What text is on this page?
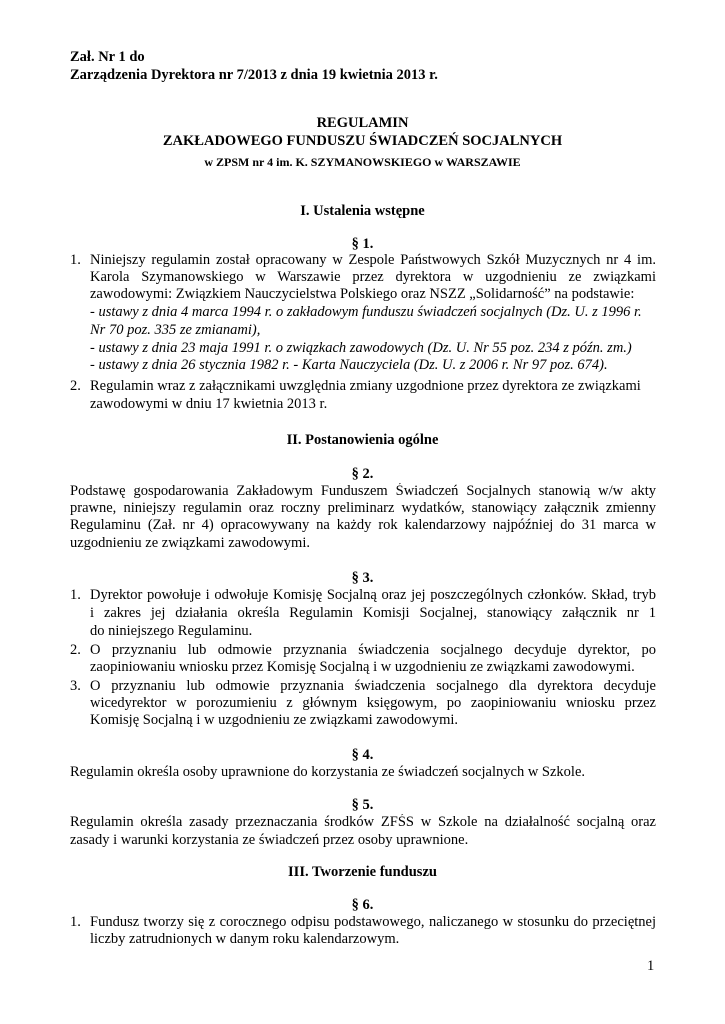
Zał. Nr 1 do
Zarządzenia Dyrektora nr 7/2013 z dnia 19 kwietnia 2013 r.
REGULAMIN
ZAKŁADOWEGO FUNDUSZU ŚWIADCZEŃ SOCJALNYCH
w ZPSM nr 4 im. K. SZYMANOWSKIEGO w WARSZAWIE
I. Ustalenia wstępne
§ 1.
1. Niniejszy regulamin został opracowany w Zespole Państwowych Szkół Muzycznych nr 4 im.
Karola Szymanowskiego w Warszawie przez dyrektora w uzgodnieniu ze związkami
zawodowymi: Związkiem Nauczycielstwa Polskiego oraz NSZZ „Solidarność” na podstawie:
- ustawy z dnia 4 marca 1994 r. o zakładowym funduszu świadczeń socjalnych (Dz. U. z 1996 r.
Nr 70 poz. 335 ze zmianami),
- ustawy z dnia 23 maja 1991 r. o związkach zawodowych (Dz. U. Nr 55 poz. 234 z późn. zm.)
- ustawy z dnia 26 stycznia 1982 r. - Karta Nauczyciela (Dz. U. z 2006 r. Nr 97 poz. 674).
2. Regulamin wraz z załącznikami uwzględnia zmiany uzgodnione przez dyrektora ze związkami
zawodowymi w dniu 17 kwietnia 2013 r.
II. Postanowienia ogólne
§ 2.
Podstawę gospodarowania Zakładowym Funduszem Świadczeń Socjalnych stanowią w/w akty
prawne, niniejszy regulamin oraz roczny preliminarz wydatków, stanowiący załącznik zmienny
Regulaminu (Zał. nr 4) opracowywany na każdy rok kalendarzowy najpóźniej do 31 marca w
uzgodnieniu ze związkami zawodowymi.
§ 3.
1. Dyrektor powołuje i odwołuje Komisję Socjalną oraz jej poszczególnych członków. Skład, tryb
i zakres jej działania określa Regulamin Komisji Socjalnej, stanowiący załącznik nr 1
do niniejszego Regulaminu.
2. O przyznaniu lub odmowie przyznania świadczenia socjalnego decyduje dyrektor, po
zaopiniowaniu wniosku przez Komisję Socjalną i w uzgodnieniu ze związkami zawodowymi.
3. O przyznaniu lub odmowie przyznania świadczenia socjalnego dla dyrektora decyduje
wicedyrektor w porozumieniu z głównym księgowym, po zaopiniowaniu wniosku przez
Komisję Socjalną i w uzgodnieniu ze związkami zawodowymi.
§ 4.
Regulamin określa osoby uprawnione do korzystania ze świadczeń socjalnych w Szkole.
§ 5.
Regulamin określa zasady przeznaczania środków ZFŚS w Szkole na działalność socjalną oraz
zasady i warunki korzystania ze świadczeń przez osoby uprawnione.
III. Tworzenie funduszu
§ 6.
1. Fundusz tworzy się z corocznego odpisu podstawowego, naliczanego w stosunku do przeciętnej
liczby zatrudnionych w danym roku kalendarzowym.
1
